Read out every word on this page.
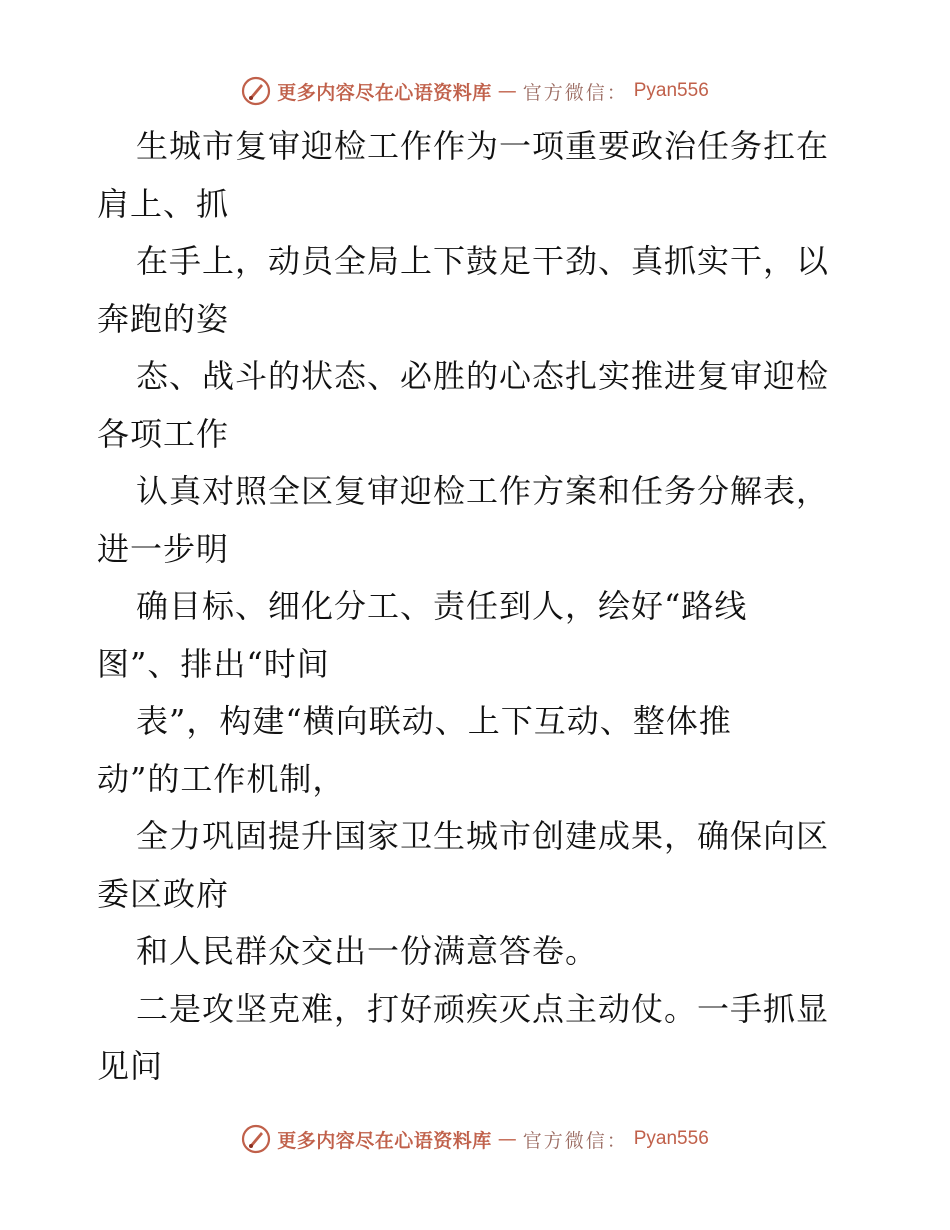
更多内容尽在心语资料库 — 官方微信： Pyan556
生城市复审迎检工作作为一项重要政治任务扛在
肩上、抓
在手上，动员全局上下鼓足干劲、真抓实干，以
奔跑的姿
态、战斗的状态、必胜的心态扎实推进复审迎检
各项工作
认真对照全区复审迎检工作方案和任务分解表，
进一步明
确目标、细化分工、责任到人，绘好“路线
图”、排出“时间
表”，构建“横向联动、上下互动、整体推
动”的工作机制，
全力巩固提升国家卫生城市创建成果，确保向区
委区政府
和人民群众交出一份满意答卷。
二是攻坚克难，打好顽疾灭点主动仗。一手抓显
见问
更多内容尽在心语资料库 — 官方微信： Pyan556
